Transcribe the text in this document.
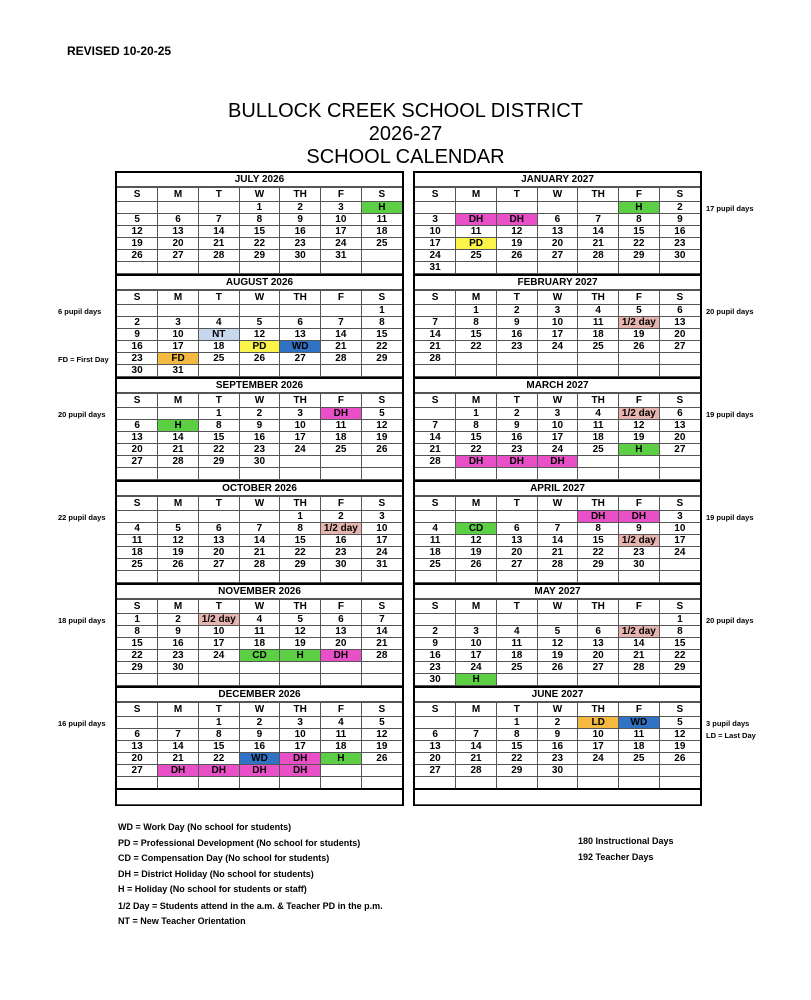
REVISED 10-20-25
BULLOCK CREEK SCHOOL DISTRICT
2026-27
SCHOOL CALENDAR
JULY 2026
S	M	T	W	TH	F	S
			1	2	3	H
5	6	7	8	9	10	11
12	13	14	15	16	17	18
19	20	21	22	23	24	25
26	27	28	29	30	31	

AUGUST 2026
S	M	T	W	TH	F	S
						1
2	3	4	5	6	7	8
9	10	NT	12	13	14	15
16	17	18	PD	WD	21	22
23	FD	25	26	27	28	29
30	31					
SEPTEMBER 2026
S	M	T	W	TH	F	S
		1	2	3	DH	5
6	H	8	9	10	11	12
13	14	15	16	17	18	19
20	21	22	23	24	25	26
27	28	29	30			

OCTOBER 2026
S	M	T	W	TH	F	S
				1	2	3
4	5	6	7	8	1/2 day	10
11	12	13	14	15	16	17
18	19	20	21	22	23	24
25	26	27	28	29	30	31

NOVEMBER 2026
S	M	T	W	TH	F	S
1	2	1/2 day	4	5	6	7
8	9	10	11	12	13	14
15	16	17	18	19	20	21
22	23	24	CD	H	DH	28
29	30					

DECEMBER 2026
S	M	T	W	TH	F	S
		1	2	3	4	5
6	7	8	9	10	11	12
13	14	15	16	17	18	19
20	21	22	WD	DH	H	26
27	DH	DH	DH	DH		

JANUARY 2027
S	M	T	W	TH	F	S
					H	2
3	DH	DH	6	7	8	9
10	11	12	13	14	15	16
17	PD	19	20	21	22	23
24	25	26	27	28	29	30
31						
FEBRUARY 2027
S	M	T	W	TH	F	S
	1	2	3	4	5	6
7	8	9	10	11	1/2 day	13
14	15	16	17	18	19	20
21	22	23	24	25	26	27
28						

MARCH 2027
S	M	T	W	TH	F	S
	1	2	3	4	1/2 day	6
7	8	9	10	11	12	13
14	15	16	17	18	19	20
21	22	23	24	25	H	27
28	DH	DH	DH			

APRIL 2027
S	M	T	W	TH	F	S
				DH	DH	3
4	CD	6	7	8	9	10
11	12	13	14	15	1/2 day	17
18	19	20	21	22	23	24
25	26	27	28	29	30	

MAY 2027
S	M	T	W	TH	F	S
						1
2	3	4	5	6	1/2 day	8
9	10	11	12	13	14	15
16	17	18	19	20	21	22
23	24	25	26	27	28	29
30	H					
JUNE 2027
S	M	T	W	TH	F	S
		1	2	LD	WD	5
6	7	8	9	10	11	12
13	14	15	16	17	18	19
20	21	22	23	24	25	26
27	28	29	30			

6 pupil days
FD = First Day
20 pupil days
22 pupil days
18 pupil days
16 pupil days
17 pupil days
20 pupil days
19 pupil days
19 pupil days
20 pupil days
3 pupil days
LD = Last Day
WD = Work Day (No school for students)
PD = Professional Development (No school for students)
CD = Compensation Day (No school for students)
DH = District Holiday (No school for students)
H = Holiday (No school for students or staff)
1/2 Day = Students attend in the a.m. & Teacher PD in the p.m.
NT = New Teacher Orientation
180 Instructional Days
192 Teacher Days
